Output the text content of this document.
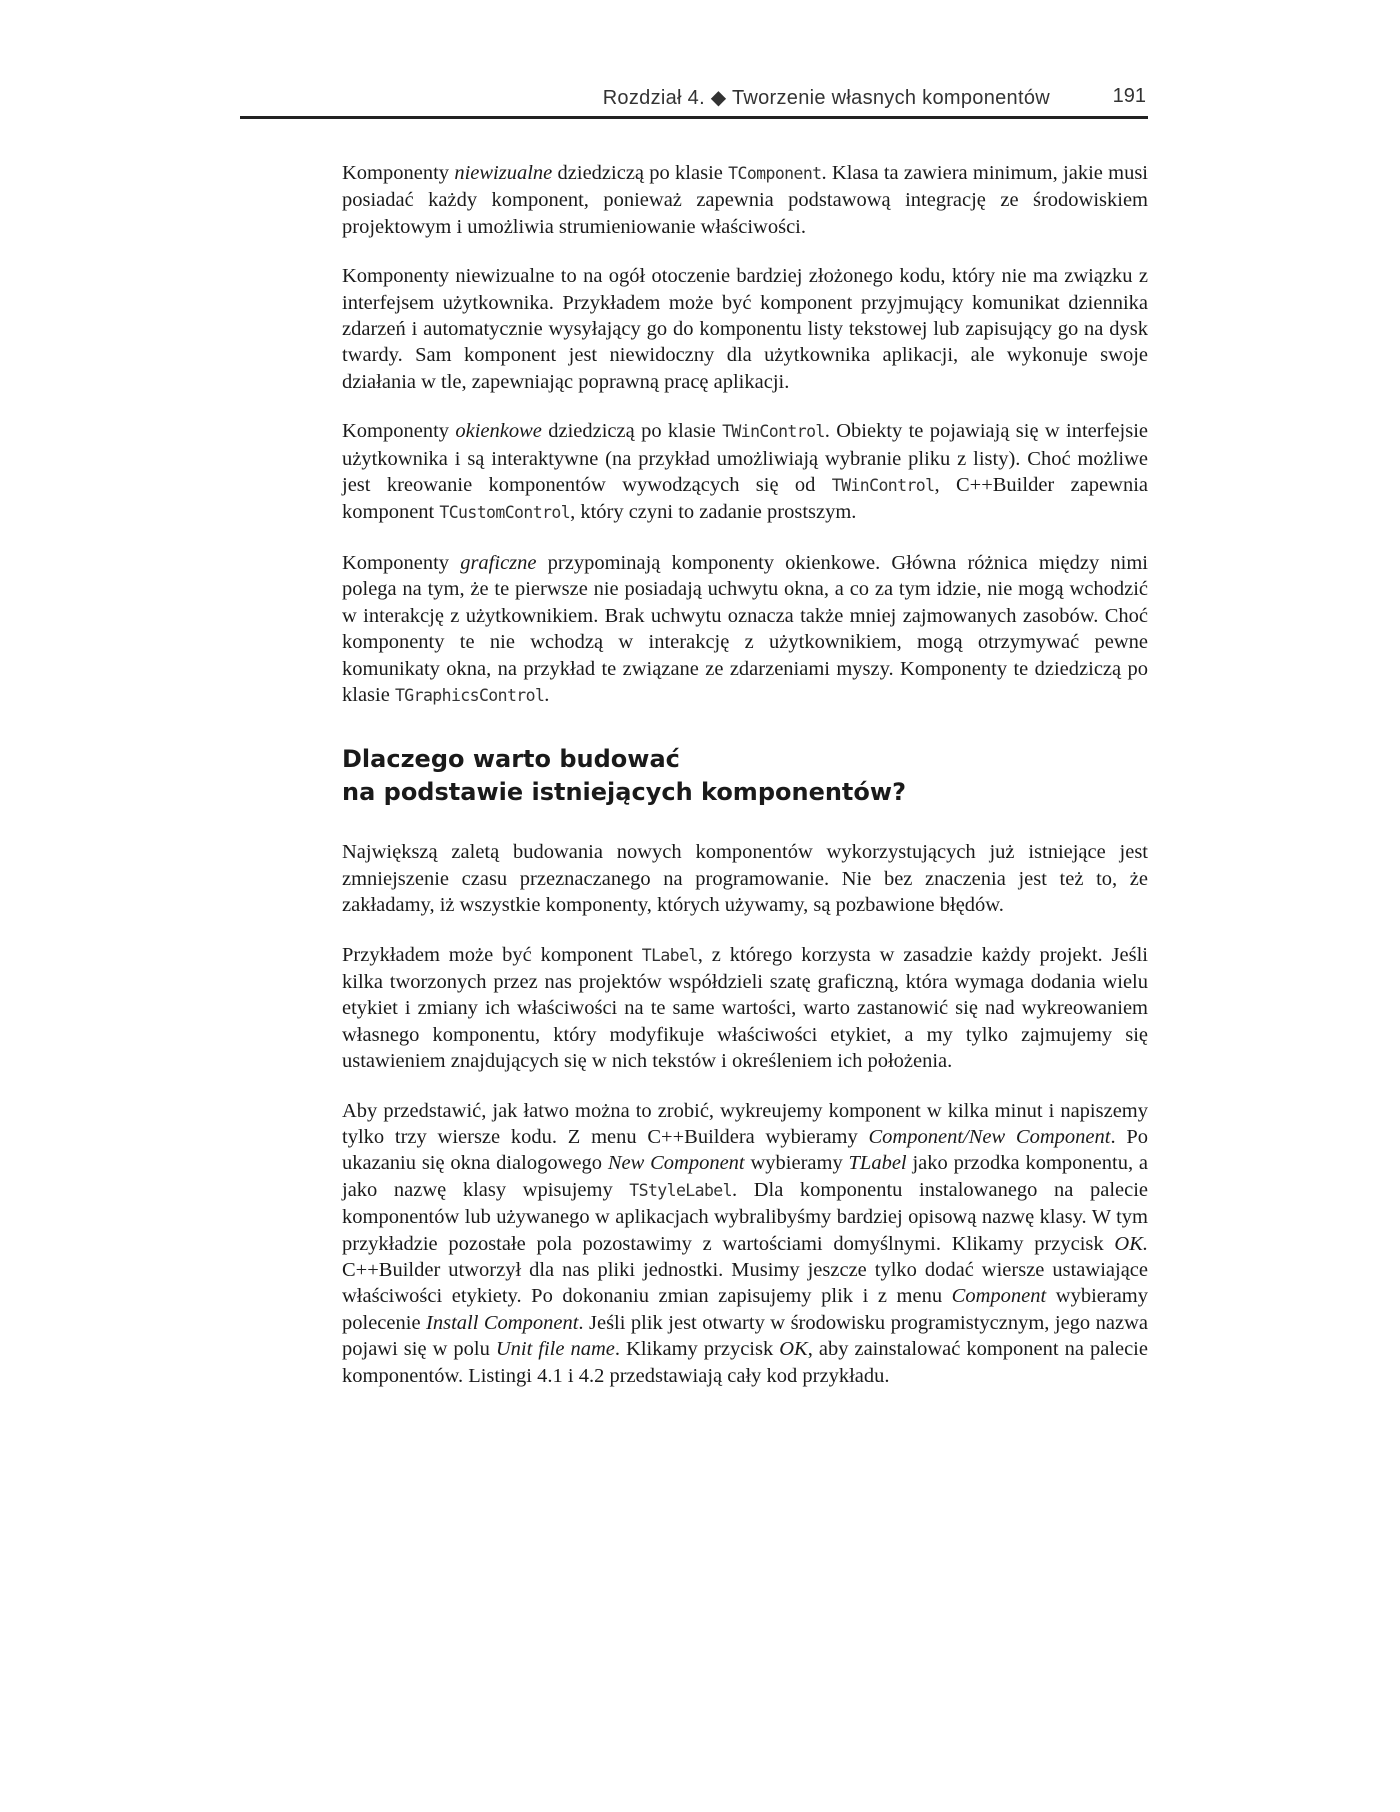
Rozdział 4. ◆ Tworzenie własnych komponentów	191

Komponenty niewizualne dziedziczą po klasie TComponent. Klasa ta zawiera minimum, jakie musi posiadać każdy komponent, ponieważ zapewnia podstawową integrację ze środowiskiem projektowym i umożliwia strumieniowanie właściwości.

Komponenty niewizualne to na ogół otoczenie bardziej złożonego kodu, który nie ma związku z interfejsem użytkownika. Przykładem może być komponent przyjmujący komunikat dziennika zdarzeń i automatycznie wysyłający go do komponentu listy tekstowej lub zapisujący go na dysk twardy. Sam komponent jest niewidoczny dla użytkownika aplikacji, ale wykonuje swoje działania w tle, zapewniając poprawną pracę aplikacji.

Komponenty okienkowe dziedziczą po klasie TWinControl. Obiekty te pojawiają się w interfejsie użytkownika i są interaktywne (na przykład umożliwiają wybranie pliku z listy). Choć możliwe jest kreowanie komponentów wywodzących się od TWinControl, C++Builder zapewnia komponent TCustomControl, który czyni to zadanie prostszym.

Komponenty graficzne przypominają komponenty okienkowe. Główna różnica między nimi polega na tym, że te pierwsze nie posiadają uchwytu okna, a co za tym idzie, nie mogą wchodzić w interakcję z użytkownikiem. Brak uchwytu oznacza także mniej zajmowanych zasobów. Choć komponenty te nie wchodzą w interakcję z użytkownikiem, mogą otrzymywać pewne komunikaty okna, na przykład te związane ze zdarzeniami myszy. Komponenty te dziedziczą po klasie TGraphicsControl.

Dlaczego warto budować
na podstawie istniejących komponentów?

Największą zaletą budowania nowych komponentów wykorzystujących już istniejące jest zmniejszenie czasu przeznaczanego na programowanie. Nie bez znaczenia jest też to, że zakładamy, iż wszystkie komponenty, których używamy, są pozbawione błędów.

Przykładem może być komponent TLabel, z którego korzysta w zasadzie każdy projekt. Jeśli kilka tworzonych przez nas projektów współdzieli szatę graficzną, która wymaga dodania wielu etykiet i zmiany ich właściwości na te same wartości, warto zastanowić się nad wykreowaniem własnego komponentu, który modyfikuje właściwości etykiet, a my tylko zajmujemy się ustawieniem znajdujących się w nich tekstów i określeniem ich położenia.

Aby przedstawić, jak łatwo można to zrobić, wykreujemy komponent w kilka minut i napiszemy tylko trzy wiersze kodu. Z menu C++Buildera wybieramy Component/New Component. Po ukazaniu się okna dialogowego New Component wybieramy TLabel jako przodka komponentu, a jako nazwę klasy wpisujemy TStyleLabel. Dla komponentu instalowanego na palecie komponentów lub używanego w aplikacjach wybralibyśmy bardziej opisową nazwę klasy. W tym przykładzie pozostałe pola pozostawimy z wartościami domyślnymi. Klikamy przycisk OK. C++Builder utworzył dla nas pliki jednostki. Musimy jeszcze tylko dodać wiersze ustawiające właściwości etykiety. Po dokonaniu zmian zapisujemy plik i z menu Component wybieramy polecenie Install Component. Jeśli plik jest otwarty w środowisku programistycznym, jego nazwa pojawi się w polu Unit file name. Klikamy przycisk OK, aby zainstalować komponent na palecie komponentów. Listingi 4.1 i 4.2 przedstawiają cały kod przykładu.
